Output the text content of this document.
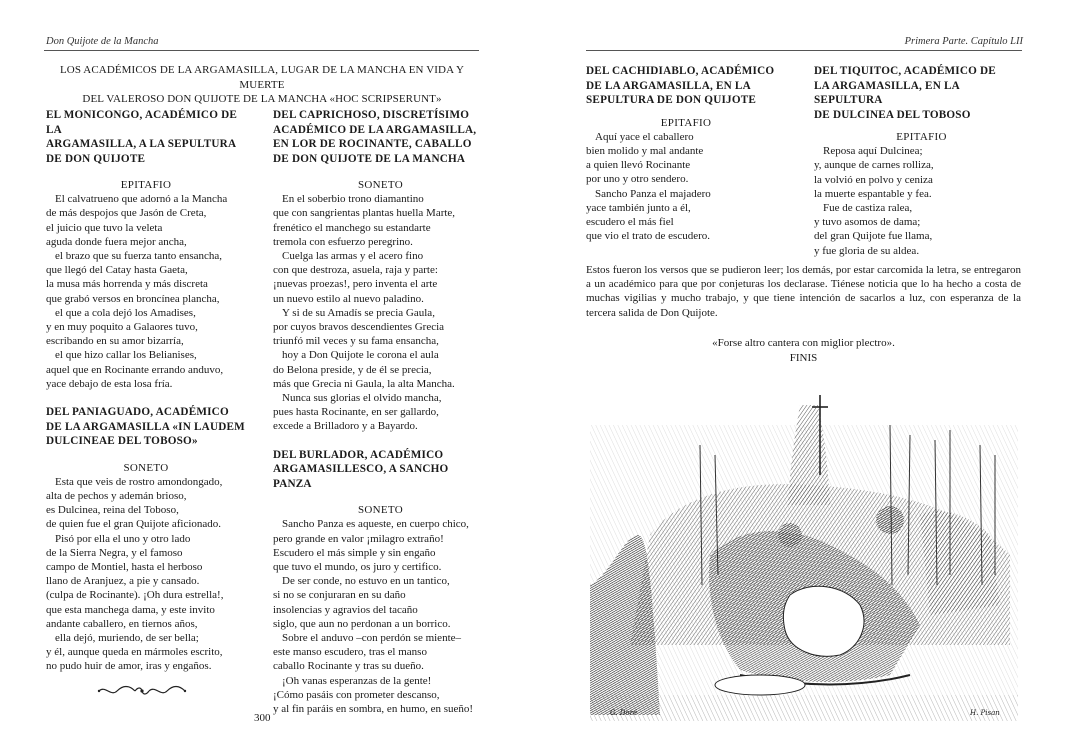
Don Quijote de la Mancha	Primera Parte. Capítulo LII
LOS ACADÉMICOS DE LA ARGAMASILLA, LUGAR DE LA MANCHA EN VIDA Y MUERTE
DEL VALEROSO DON QUIJOTE DE LA MANCHA «HOC SCRIPSERUNT»
EL MONICONGO, ACADÉMICO DE LA
ARGAMASILLA, A LA SEPULTURA
DE DON QUIJOTE
EPITAFIO
El calvatrueno que adornó a la Mancha
de más despojos que Jasón de Creta,
el juicio que tuvo la veleta
aguda donde fuera mejor ancha,
el brazo que su fuerza tanto ensancha,
que llegó del Catay hasta Gaeta,
la musa más horrenda y más discreta
que grabó versos en broncínea plancha,
el que a cola dejó los Amadises,
y en muy poquito a Galaores tuvo,
escribando en su amor bizarría,
el que hizo callar los Belianises,
aquel que en Rocinante errando anduvo,
yace debajo de esta losa fría.
DEL PANIAGUADO, ACADÉMICO
DE LA ARGAMASILLA «IN LAUDEM
DULCINEAE DEL TOBOSO»
SONETO
Esta que veis de rostro amondongado,
alta de pechos y ademán brioso,
es Dulcinea, reina del Toboso,
de quien fue el gran Quijote aficionado.
Pisó por ella el uno y otro lado
de la Sierra Negra, y el famoso
campo de Montiel, hasta el herboso
llano de Aranjuez, a pie y cansado.
(culpa de Rocinante). ¡Oh dura estrella!,
que esta manchega dama, y este invito
andante caballero, en tiernos años,
ella dejó, muriendo, de ser bella;
y él, aunque queda en mármoles escrito,
no pudo huir de amor, iras y engaños.
DEL CAPRICHOSO, DISCRETÍSIMO
ACADÉMICO DE LA ARGAMASILLA,
EN LOR DE ROCINANTE, CABALLO
DE DON QUIJOTE DE LA MANCHA
SONETO
En el soberbio trono diamantino
que con sangrientas plantas huella Marte,
frenético el manchego su estandarte
tremola con esfuerzo peregrino.
Cuelga las armas y el acero fino
con que destroza, asuela, raja y parte:
¡nuevas proezas!, pero inventa el arte
un nuevo estilo al nuevo paladino.
Y si de su Amadís se precia Gaula,
por cuyos bravos descendientes Grecia
triunfó mil veces y su fama ensancha,
hoy a Don Quijote le corona el aula
do Belona preside, y de él se precia,
más que Grecia ni Gaula, la alta Mancha.
Nunca sus glorias el olvido mancha,
pues hasta Rocinante, en ser gallardo,
excede a Brilladoro y a Bayardo.
DEL BURLADOR, ACADÉMICO
ARGAMASILLESCO, A SANCHO PANZA
SONETO
Sancho Panza es aqueste, en cuerpo chico,
pero grande en valor ¡milagro extraño!
Escudero el más simple y sin engaño
que tuvo el mundo, os juro y certifico.
De ser conde, no estuvo en un tantico,
si no se conjuraran en su daño
insolencias y agravios del tacaño
siglo, que aun no perdonan a un borrico.
Sobre el anduvo –con perdón se miente–
este manso escudero, tras el manso
caballo Rocinante y tras su dueño.
¡Oh vanas esperanzas de la gente!
¡Cómo pasáis con prometer descanso,
y al fin paráis en sombra, en humo, en sueño!
300
DEL CACHIDIABLO, ACADÉMICO
DE LA ARGAMASILLA, EN LA
SEPULTURA DE DON QUIJOTE
EPITAFIO
Aquí yace el caballero
bien molido y mal andante
a quien llevó Rocinante
por uno y otro sendero.
Sancho Panza el majadero
yace también junto a él,
escudero el más fiel
que vio el trato de escudero.
DEL TIQUITOC, ACADÉMICO DE
LA ARGAMASILLA, EN LA SEPULTURA
DE DULCINEA DEL TOBOSO
EPITAFIO
Reposa aquí Dulcinea;
y, aunque de carnes rolliza,
la volvió en polvo y ceniza
la muerte espantable y fea.
Fue de castiza ralea,
y tuvo asomos de dama;
del gran Quijote fue llama,
y fue gloria de su aldea.

Estos fueron los versos que se pudieron leer; los demás, por estar carcomida la letra, se entregaron a un académico para que por conjeturas los declarase. Tiénese noticia que lo ha hecho a costa de muchas vigilias y mucho trabajo, y que tiene intención de sacarlos a luz, con esperanza de la tercera salida de Don Quijote.

«Forse altro cantera con miglior plectro».
FINIS
G. Doré	H. Pisan
